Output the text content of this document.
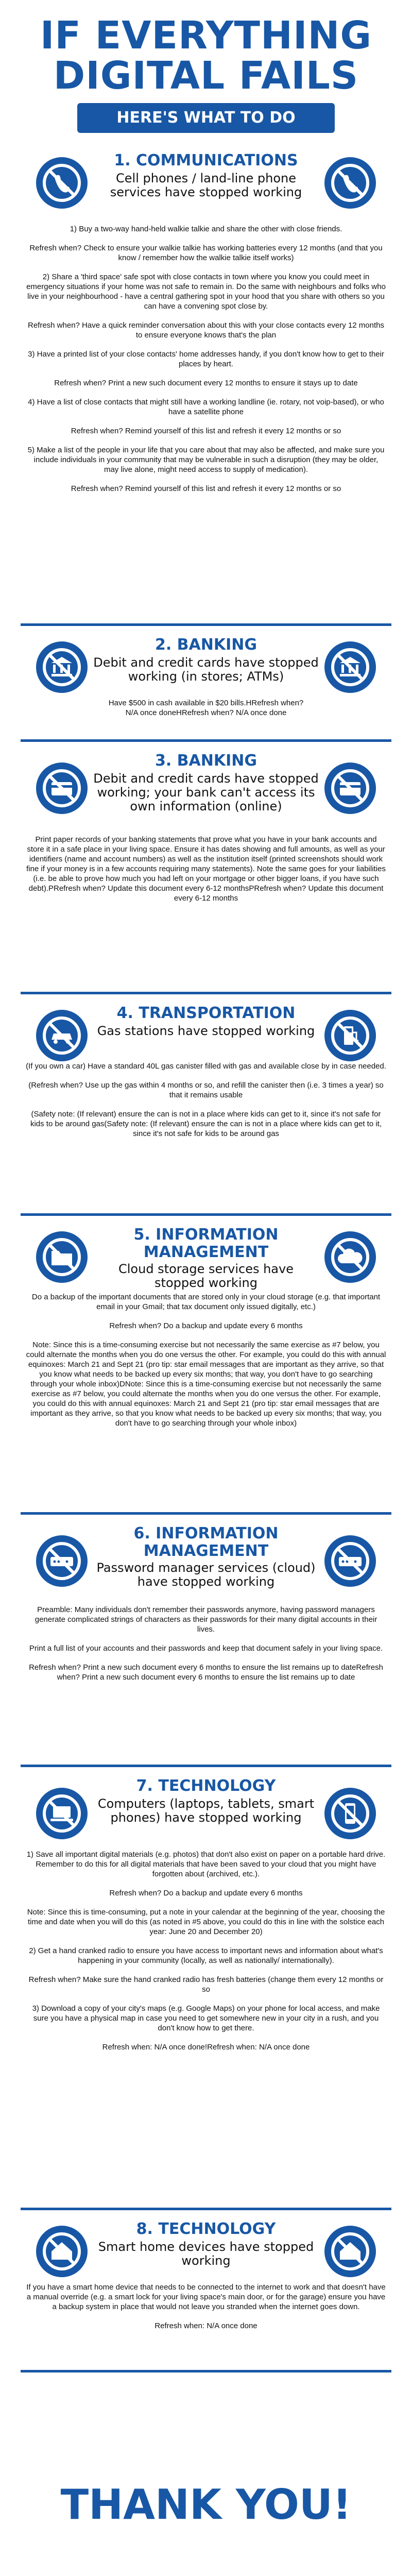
IF EVERYTHING DIGITAL FAILS
HERE'S WHAT TO DO
1. COMMUNICATIONS
Cell phones / land-line phone services have stopped working

1) Buy a two-way hand-held walkie talkie and share the other with close friends.

Refresh when? Check to ensure your walkie talkie has working batteries every 12 months (and that you know / remember how the walkie talkie itself works)

2) Share a 'third space' safe spot with close contacts in town where you know you could meet in emergency situations if your home was not safe to remain in. Do the same with neighbours and folks who live in your neighbourhood - have a central gathering spot in your hood that you share with others so you can have a convening spot close by.

Refresh when? Have a quick reminder conversation about this with your close contacts every 12 months to ensure everyone knows that's the plan

3) Have a printed list of your close contacts' home addresses handy, if you don't know how to get to their places by heart.

Refresh when? Print a new such document every 12 months to ensure it stays up to date

4) Have a list of close contacts that might still have a working landline (ie. rotary, not voip-based), or who have a satellite phone

Refresh when? Remind yourself of this list and refresh it every 12 months or so

5) Make a list of the people in your life that you care about that may also be affected, and make sure you include individuals in your community that may be vulnerable in such a disruption (they may be older, may live alone, might need access to supply of medication).

Refresh when? Remind yourself of this list and refresh it every 12 months or so

2. BANKING
Debit and credit cards have stopped working (in stores; ATMs)

Have $500 in cash available in $20 bills.HRefresh when? N/A once doneHRefresh when? N/A once done

3. BANKING
Debit and credit cards have stopped working; your bank can't access its own information (online)

Print paper records of your banking statements that prove what you have in your bank accounts and store it in a safe place in your living space. Ensure it has dates showing and full amounts, as well as your identifiers (name and account numbers) as well as the institution itself (printed screenshots should work fine if your money is in a few accounts requiring many statements). Note the same goes for your liabilities (i.e. be able to prove how much you had left on your mortgage or other bigger loans, if you have such debt).PRefresh when? Update this document every 6-12 monthsPRefresh when? Update this document every 6-12 months

4. TRANSPORTATION
Gas stations have stopped working

(If you own a car) Have a standard 40L gas canister filled with gas and available close by in case needed.

(Refresh when? Use up the gas within 4 months or so, and refill the canister then (i.e. 3 times a year) so that it remains usable

(Safety note: (If relevant) ensure the can is not in a place where kids can get to it, since it's not safe for kids to be around gas(Safety note: (If relevant) ensure the can is not in a place where kids can get to it, since it's not safe for kids to be around gas

5. INFORMATION MANAGEMENT
Cloud storage services have stopped working

Do a backup of the important documents that are stored only in your cloud storage (e.g. that important email in your Gmail; that tax document only issued digitally, etc.)

Refresh when? Do a backup and update every 6 months

Note: Since this is a time-consuming exercise but not necessarily the same exercise as #7 below, you could alternate the months when you do one versus the other. For example, you could do this with annual equinoxes: March 21 and Sept 21 (pro tip: star email messages that are important as they arrive, so that you know what needs to be backed up every six months; that way, you don't have to go searching through your whole inbox)DNote: Since this is a time-consuming exercise but not necessarily the same exercise as #7 below, you could alternate the months when you do one versus the other. For example, you could do this with annual equinoxes: March 21 and Sept 21 (pro tip: star email messages that are important as they arrive, so that you know what needs to be backed up every six months; that way, you don't have to go searching through your whole inbox)

6. INFORMATION MANAGEMENT
Password manager services (cloud) have stopped working

Preamble: Many individuals don't remember their passwords anymore, having password managers generate complicated strings of characters as their passwords for their many digital accounts in their lives.

Print a full list of your accounts and their passwords and keep that document safely in your living space.

Refresh when? Print a new such document every 6 months to ensure the list remains up to dateRefresh when? Print a new such document every 6 months to ensure the list remains up to date

7. TECHNOLOGY
Computers (laptops, tablets, smart phones) have stopped working

1) Save all important digital materials (e.g. photos) that don't also exist on paper on a portable hard drive. Remember to do this for all digital materials that have been saved to your cloud that you might have forgotten about (archived, etc.).

Refresh when? Do a backup and update every 6 months

Note: Since this is time-consuming, put a note in your calendar at the beginning of the year, choosing the time and date when you will do this (as noted in #5 above, you could do this in line with the solstice each year: June 20 and December 20)

2) Get a hand cranked radio to ensure you have access to important news and information about what's happening in your community (locally, as well as nationally/ internationally).

Refresh when? Make sure the hand cranked radio has fresh batteries (change them every 12 months or so

3) Download a copy of your city's maps (e.g. Google Maps) on your phone for local access, and make sure you have a physical map in case you need to get somewhere new in your city in a rush, and you don't know how to get there.

Refresh when: N/A once done!Refresh when: N/A once done

8. TECHNOLOGY
Smart home devices have stopped working

If you have a smart home device that needs to be connected to the internet to work and that doesn't have a manual override (e.g. a smart lock for your living space's main door, or for the garage) ensure you have a backup system in place that would not leave you stranded when the internet goes down.

Refresh when: N/A once done

THANK YOU!
